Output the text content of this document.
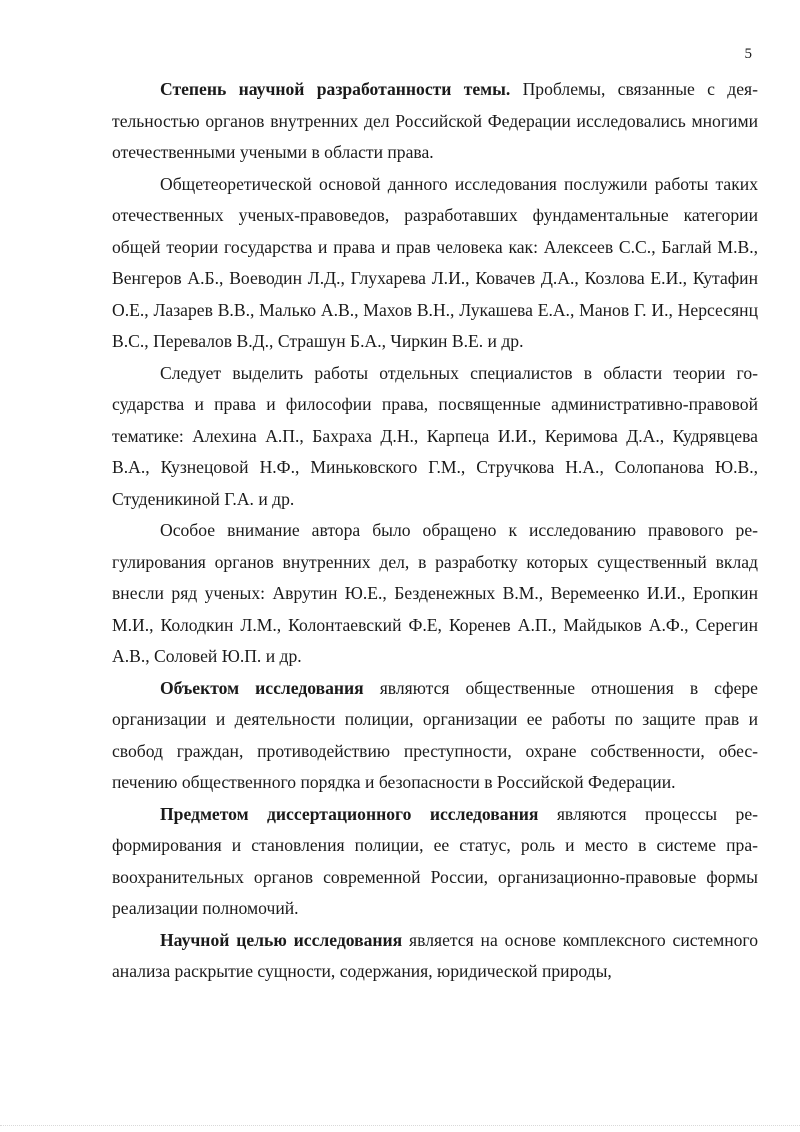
5

Степень научной разработанности темы. Проблемы, связанные с деятельностью органов внутренних дел Российской Федерации исследовались многими отечественными учеными в области права.

Общетеоретической основой данного исследования послужили работы таких отечественных ученых-правоведов, разработавших фундаментальные категории общей теории государства и права и прав человека как: Алексеев С.С., Баглай М.В., Венгеров А.Б., Воеводин Л.Д., Глухарева Л.И., Ковачев Д.А., Козлова Е.И., Кутафин О.Е., Лазарев В.В., Малько А.В., Махов В.Н., Лукашева Е.А., Манов Г. И., Нерсесянц В.С., Перевалов В.Д., Страшун Б.А., Чиркин В.Е. и др.

Следует выделить работы отдельных специалистов в области теории государства и права и философии права, посвященные административно-правовой тематике: Алехина А.П., Бахраха Д.Н., Карпеца И.И., Керимова Д.А., Кудрявцева В.А., Кузнецовой Н.Ф., Миньковского Г.М., Стручкова Н.А., Солопанова Ю.В., Студеникиной Г.А. и др.

Особое внимание автора было обращено к исследованию правового регулирования органов внутренних дел, в разработку которых существенный вклад внесли ряд ученых: Аврутин Ю.Е., Безденежных В.М., Веремеенко И.И., Еропкин М.И., Колодкин Л.М., Колонтаевский Ф.Е, Коренев А.П., Майдыков А.Ф., Серегин А.В., Соловей Ю.П. и др.

Объектом исследования являются общественные отношения в сфере организации и деятельности полиции, организации ее работы по защите прав и свобод граждан, противодействию преступности, охране собственности, обеспечению общественного порядка и безопасности в Российской Федерации.

Предметом диссертационного исследования являются процессы реформирования и становления полиции, ее статус, роль и место в системе правоохранительных органов современной России, организационно-правовые формы реализации полномочий.

Научной целью исследования является на основе комплексного системного анализа раскрытие сущности, содержания, юридической природы,
